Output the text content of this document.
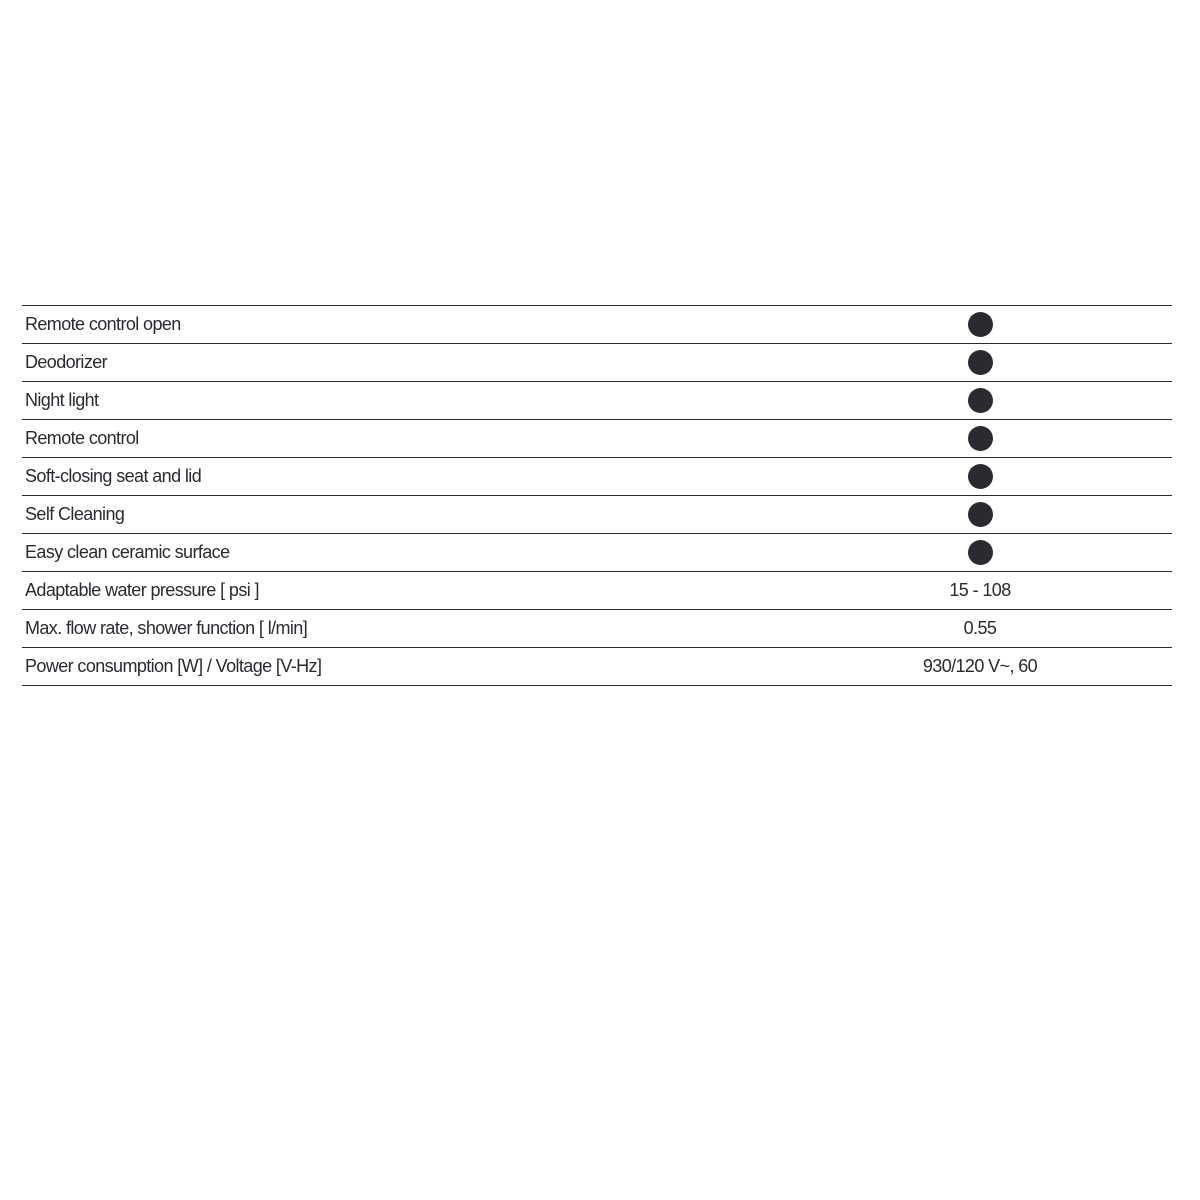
Remote control open
Deodorizer
Night light
Remote control
Soft-closing seat and lid
Self Cleaning
Easy clean ceramic surface
Adaptable water pressure [ psi ]	15 - 108
Max. flow rate, shower function [ l/min]	0.55
Power consumption [W] / Voltage [V-Hz]	930/120 V~, 60
